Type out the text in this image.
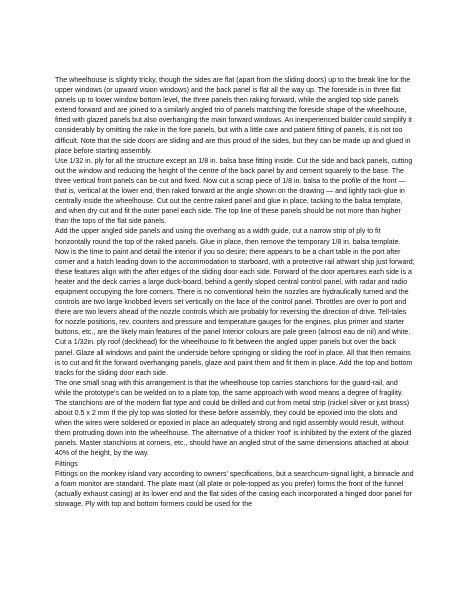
The wheelhouse is slightly tricky, though the sides are flat (apart from the sliding doors) up to the break line for the upper windows (or upward vision windows) and the back panel is flat all the way up. The foreside is in three flat panels up to lower window bottom level, the three panels then raking forward, while the angled top side panels extend forward and are joined to a similarly angled trio of panels matching the foreside shape of the wheelhouse, fitted with glazed panels but also overhanging the main forward windows. An inexperienced builder could simplify it considerably by omitting the rake in the fore panels, but with a little care and patient fitting of panels, it is not too difficult. Note that the side doors are sliding and are thus proud of the sides, but they can be made up and glued in place before starting assembly.

Use 1/32 in. ply for all the structure except an 1/8 in. balsa base fitting inside. Cut the side and back panels, cutting out the window and reducing the height of the centre of the back panel by and cement squarely to the base. The three vertical front panels can be cut and fixed. Now cut a scrap piece of 1/8 in. balsa to the profile of the front — that is, vertical at the lower end, then raked forward at the angle shown on the drawing — and lightly tack-glue in centrally inside the wheelhouse. Cut out the centre raked panel and glue in place, tacking to the balsa template, and when dry cut and fit the outer panel each side. The top line of these panels should be not more than higher than the tops of the flat side panels.

Add the upper angled side panels and using the overhang as a width guide, cut a narrow strip of ply to fit horizontally round the top of the raked panels. Glue in place, then remove the temporary 1/8 in. balsa template. Now is the time to paint and detail the interior if you so desire; there appears to be a chart table in the port after corner and a hatch leading down to the accommodation to starboard, with a protective rail athwart ship just forward; these features align with the after edges of the sliding door each side. Forward of the door apertures each side is a heater and the deck carries a large duck-board, behind a gently sloped central control panel, with radar and radio equipment occupying the fore corners. There is no conventional helm the nozzles are hydraulically turned and the controls are two large knobbed levers set vertically on the face of the control panel. Throttles are over to port and there are two levers ahead of the nozzle controls which are probably for reversing the direction of drive. Tell-tales for nozzle positions, rev. counters and pressure and temperature gauges for the engines, plus primer and starter buttons, etc., are the likely main features of the panel Interior colours are pale green (almost eau de nil) and white.

Cut a 1/32in. ply roof (deckhead) for the wheelhouse to fit between the angled upper panels but over the back panel. Glaze all windows and paint the underside before springing or sliding the roof in place. All that then remains is to cut and fit the forward overhanging panels, glaze and paint them and fit them in place. Add the top and bottom tracks for the sliding door each side.

The one small snag with this arrangement is that the wheelhouse top carries stanchions for the guard-rail, and while the prototype's can be welded on to a plate top, the same approach with wood means a degree of fragility. The stanchions are of the modern flat type and could be drilled and cut from metal strip (nickel silver or just brass) about 0.5 x 2 mm If the ply top was slotted for these before assembly, they could be epoxied into the slots and when the wires were soldered or epoxied in place an adequately strong and rigid assembly would result, without them protruding down into the wheelhouse. The alternative of a thicker 'roof' is inhibited by the extent of the glazed panels. Master stanchions at corners, etc., should have an angled strut of the same dimensions attached at about 40% of the height, by the way.

Fittings

Fittings on the monkey island vary according to owners' specifications, but a searchcum-signal light, a binnacle and a foam monitor are standard. The plate mast (all plate or pole-topped as you prefer) forms the front of the funnel (actually exhaust casing) at its lower end and the flat sides of the casing each incorporated a hinged door panel for stowage. Ply with top and bottom formers could be used for the
